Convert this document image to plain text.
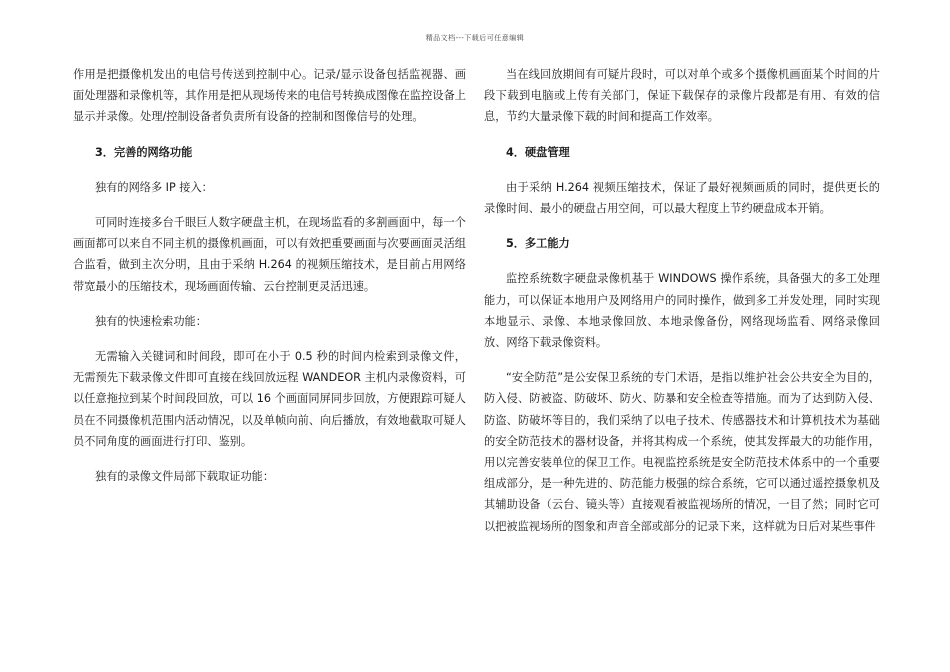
精品文档---下载后可任意编辑

作用是把摄像机发出的电信号传送到控制中心。记录/显示设备包括监视器、画面处理器和录像机等，其作用是把从现场传来的电信号转换成图像在监控设备上显示并录像。处理/控制设备者负责所有设备的控制和图像信号的处理。

3．完善的网络功能

独有的网络多 IP 接入：

可同时连接多台千眼巨人数字硬盘主机，在现场监看的多割画面中，每一个画面都可以来自不同主机的摄像机画面，可以有效把重要画面与次要画面灵活组合监看，做到主次分明，且由于采纳 H.264 的视频压缩技术，是目前占用网络带宽最小的压缩技术，现场画面传输、云台控制更灵活迅速。

独有的快速检索功能：

无需输入关键词和时间段，即可在小于 0.5 秒的时间内检索到录像文件，无需预先下载录像文件即可直接在线回放远程 WANDEOR 主机内录像资料，可以任意拖拉到某个时间段回放，可以 16 个画面同屏同步回放，方便跟踪可疑人员在不同摄像机范围内活动情况，以及单帧向前、向后播放，有效地截取可疑人员不同角度的画面进行打印、鉴别。

独有的录像文件局部下载取证功能：

当在线回放期间有可疑片段时，可以对单个或多个摄像机画面某个时间的片段下载到电脑或上传有关部门，保证下载保存的录像片段都是有用、有效的信息，节约大量录像下载的时间和提高工作效率。

4．硬盘管理

由于采纳 H.264 视频压缩技术，保证了最好视频画质的同时，提供更长的录像时间、最小的硬盘占用空间，可以最大程度上节约硬盘成本开销。

5．多工能力

监控系统数字硬盘录像机基于 WINDOWS 操作系统，具备强大的多工处理能力，可以保证本地用户及网络用户的同时操作，做到多工并发处理，同时实现本地显示、录像、本地录像回放、本地录像备份，网络现场监看、网络录像回放、网络下载录像资料。

“安全防范”是公安保卫系统的专门术语，是指以维护社会公共安全为目的，防入侵、防被盗、防破坏、防火、防暴和安全检查等措施。而为了达到防入侵、防盗、防破坏等目的，我们采纳了以电子技术、传感器技术和计算机技术为基础的安全防范技术的器材设备，并将其构成一个系统，使其发挥最大的功能作用，用以完善安装单位的保卫工作。电视监控系统是安全防范技术体系中的一个重要组成部分，是一种先进的、防范能力极强的综合系统，它可以通过遥控摄象机及其辅助设备（云台、镜头等）直接观看被监视场所的情况，一目了然；同时它可以把被监视场所的图象和声音全部或部分的记录下来，这样就为日后对某些事件
